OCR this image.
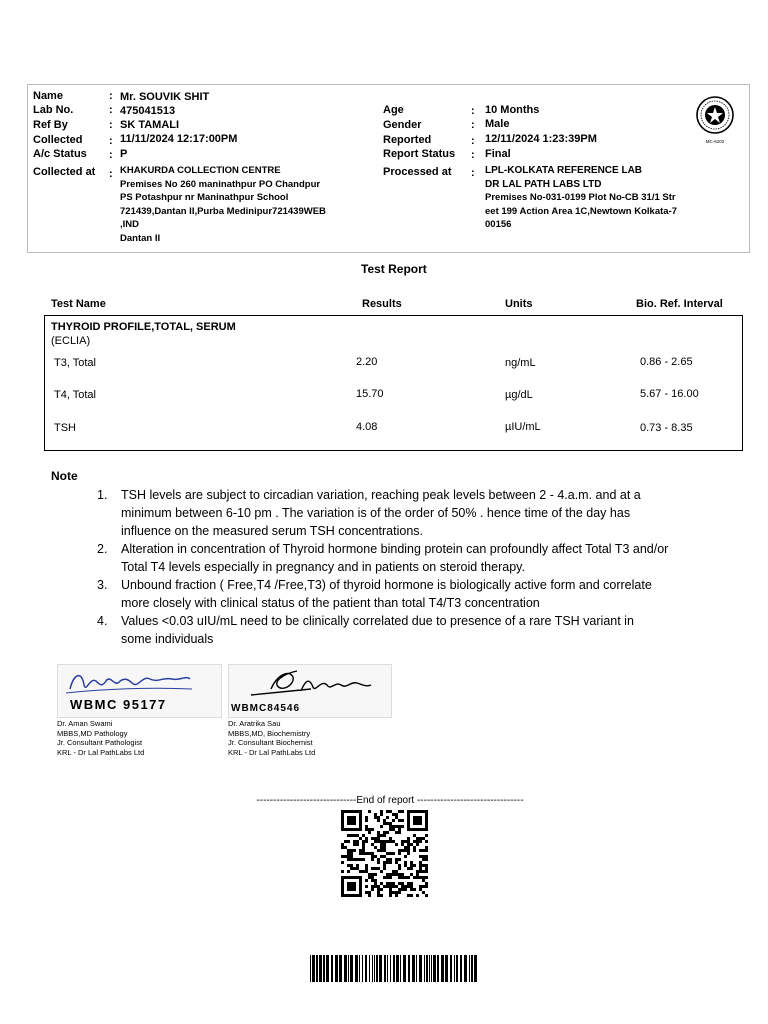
Name	: Mr. SOUVIK SHIT
Lab No.	: 475041513
Ref By	: SK TAMALI
Collected : 11/11/2024 12:17:00PM
A/c Status : P
Collected at : KHAKURDA COLLECTION CENTRE
Premises No 260 maninathpur PO Chandpur
PS Potashpur nr Maninathpur School
721439,Dantan II,Purba Medinipur721439WEB
,IND
Dantan II
Age	: 10 Months
Gender	: Male
Reported	: 12/11/2024 1:23:39PM
Report Status : Final
Processed at : LPL-KOLKATA REFERENCE LAB
DR LAL PATH LABS LTD
Premises No-031-0199 Plot No-CB 31/1 Str
eet 199 Action Area 1C,Newtown Kolkata-7
00156
MC-6202
Test Report
Test Name	Results	Units	Bio. Ref. Interval
THYROID PROFILE,TOTAL, SERUM
(ECLIA)
T3, Total	2.20	ng/mL	0.86 - 2.65
T4, Total	15.70	µg/dL	5.67 - 16.00
TSH	4.08	µIU/mL	0.73 - 8.35
Note
1.	TSH levels are subject to circadian variation, reaching peak levels between 2 - 4.a.m. and at a
minimum between 6-10 pm . The variation is of the order of 50% . hence time of the day has
influence on the measured serum TSH concentrations.
2.	Alteration in concentration of Thyroid hormone binding protein can profoundly affect Total T3 and/or
Total T4 levels especially in pregnancy and in patients on steroid therapy.
3.	Unbound fraction ( Free,T4 /Free,T3) of thyroid hormone is biologically active form and correlate
more closely with clinical status of the patient than total T4/T3 concentration
4.	Values <0.03 uIU/mL need to be clinically correlated due to presence of a rare TSH variant in
some individuals
WBMC 95177
Dr. Aman Swami
MBBS,MD Pathology
Jr. Consultant Pathologist
KRL - Dr Lal PathLabs Ltd
WBMC84546
Dr. Aratrika Sau
MBBS,MD, Biochemistry
Jr. Consultant Biochemist
KRL - Dr Lal PathLabs Ltd
------------------------------End of report --------------------------------
